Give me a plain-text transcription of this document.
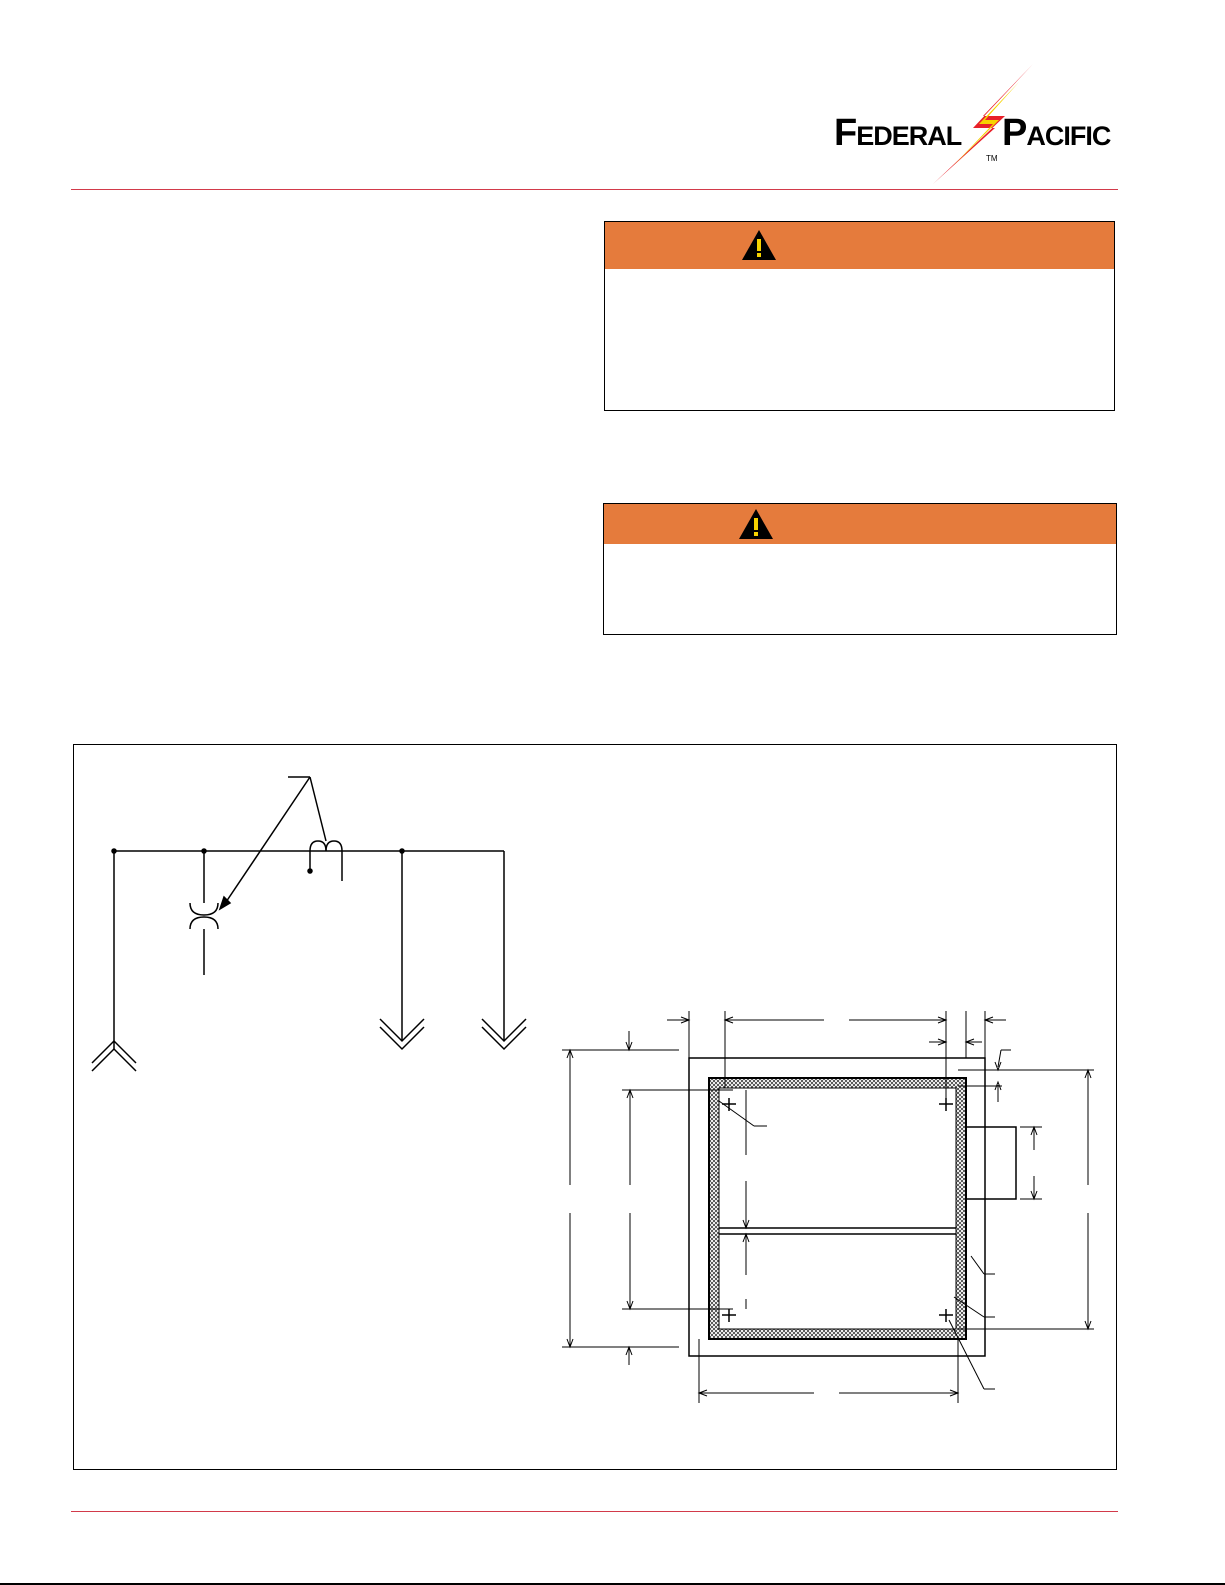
Federal
TM
Pacific
